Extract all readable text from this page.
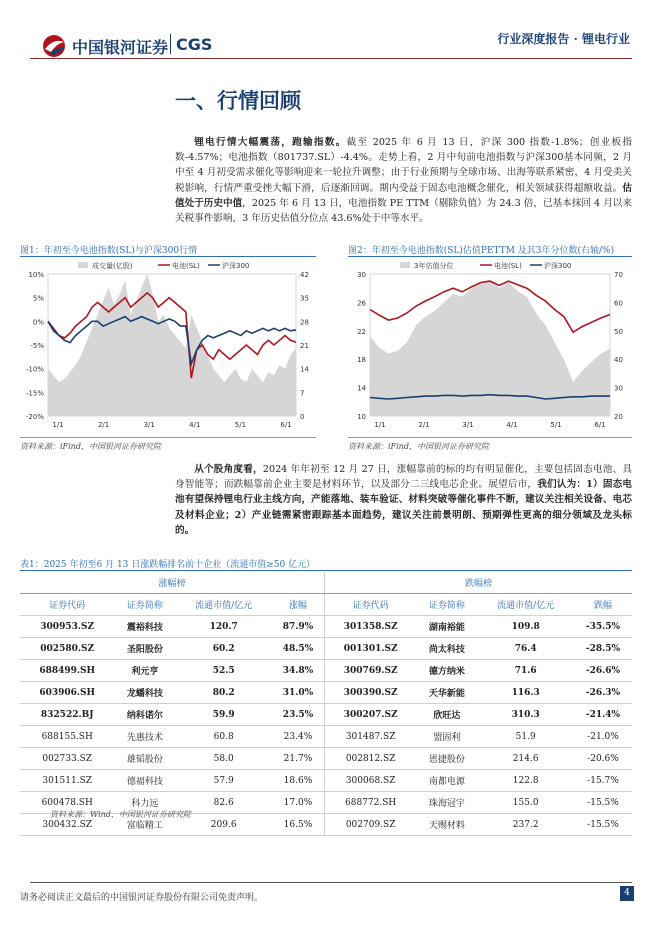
中国银河证券 CGS	行业深度报告 · 锂电行业
一、行情回顾
锂电行情大幅震荡，跑输指数。截至 2025 年 6 月 13 日，沪深 300 指数-1.8%；创业板指数-4.57%；电池指数（801737.SL）-4.4%。走势上看，2 月中旬前电池指数与沪深300基本同频，2 月中至 4 月初受需求催化等影响迎来一轮拉升调整；由于行业预期与全球市场、出海等联系紧密，4 月受美关税影响，行情严重受挫大幅下滑，后逐渐回调。期内受益于固态电池概念催化，相关领域获得超额收益。估值处于历史中值，2025 年 6 月 13 日，电池指数 PE TTM（剔除负值）为 24.3 倍，已基本抹回 4 月以来关税事件影响，3 年历史估值分位点 43.6%处于中等水平。
图1：年初至今电池指数(SL)与沪深300行情	图2：年初至今电池指数(SL)估值PETTM 及其3年分位数(右轴/%)
成交量(亿股)	电池(SL)	沪深300
10%
5%
0%
-5%
-10%
-15%
-20%
42
35
28
21
14
7
0
1/1	2/1	3/1	4/1	5/1	6/1
3年估值分位	电池(SL)	沪深300
30
26
22
18
14
10
70
60
50
40
30
20
1/1	2/1	3/1	4/1	5/1	6/1
资料来源：iFind，中国银河证券研究院	资料来源：iFind，中国银河证券研究院
从个股角度看，2024 年年初至 12 月 27 日，涨幅靠前的标的均有明显催化，主要包括固态电池、具身智能等；而跌幅靠前企业主要是材料环节，以及部分二三线电芯企业。展望后市，我们认为：1）固态电池有望保持锂电行业主线方向，产能落地、装车验证、材料突破等催化事件不断，建议关注相关设备、电芯及材料企业；2）产业链需紧密跟踪基本面趋势，建议关注前景明朗、预期弹性更高的细分领域及龙头标的。
表1：2025 年初至6 月 13 日涨跌幅排名前十企业（流通市值≥50 亿元）
涨幅榜				跌幅榜			
证券代码	证券简称	流通市值/亿元	涨幅	证券代码	证券简称	流通市值/亿元	跌幅
300953.SZ	震裕科技	120.7	87.9%	301358.SZ	湖南裕能	109.8	-35.5%
002580.SZ	圣阳股份	60.2	48.5%	001301.SZ	尚太科技	76.4	-28.5%
688499.SH	利元亨	52.5	34.8%	300769.SZ	德方纳米	71.6	-26.6%
603906.SH	龙蟠科技	80.2	31.0%	300390.SZ	天华新能	116.3	-26.3%
832522.BJ	纳科诺尔	59.9	23.5%	300207.SZ	欣旺达	310.3	-21.4%
688155.SH	先惠技术	60.8	23.4%	301487.SZ	盟固利	51.9	-21.0%
002733.SZ	雄韬股份	58.0	21.7%	002812.SZ	恩捷股份	214.6	-20.6%
301511.SZ	德福科技	57.9	18.6%	300068.SZ	南都电源	122.8	-15.7%
600478.SH	科力远	82.6	17.0%	688772.SH	珠海冠宇	155.0	-15.5%
300432.SZ	富临精工	209.6	16.5%	002709.SZ	天赐材料	237.2	-15.5%
资料来源：Wind，中国银河证券研究院
请务必阅读正文最后的中国银河证券股份有限公司免责声明。	4
